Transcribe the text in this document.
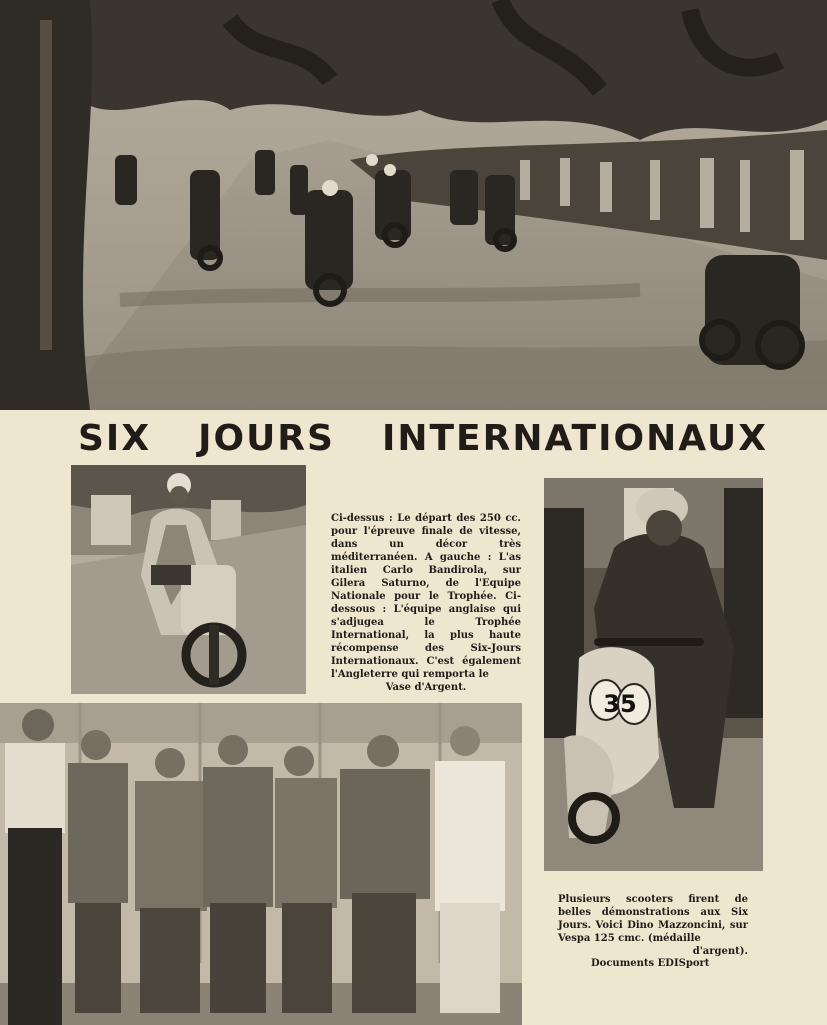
SIX JOURS INTERNATIONAUX
Ci-dessus : Le départ des 250 cc. pour l'épreuve finale de vitesse, dans un décor très méditerranéen. A gauche : L'as italien Carlo Bandirola, sur Gilera Saturno, de l'Equipe Nationale pour le Trophée. Ci-dessous : L'équipe anglaise qui s'adjugea le Trophée International, la plus haute récompense des Six-Jours Internationaux. C'est également l'Angleterre qui remporta le
Vase d'Argent.
35
Plusieurs scooters firent de belles démonstrations aux Six Jours. Voici Dino Mazzoncini, sur Vespa 125 cmc. (médaille
d'argent).
Documents EDISport
